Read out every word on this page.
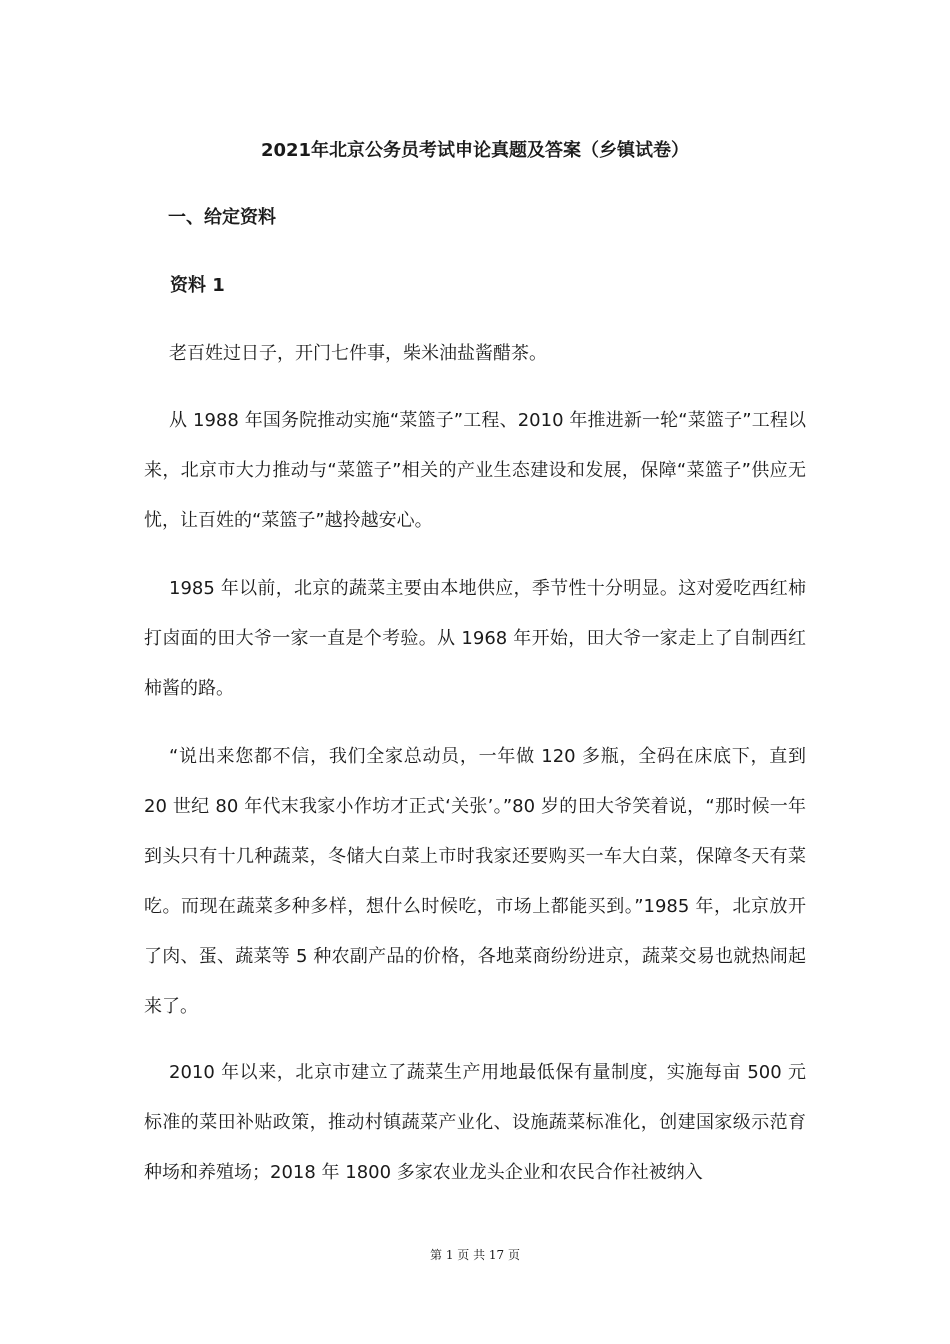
2021年北京公务员考试申论真题及答案（乡镇试卷）
一、给定资料
资料 1

老百姓过日子，开门七件事，柴米油盐酱醋茶。

从 1988 年国务院推动实施“菜篮子”工程、2010 年推进新一轮“菜篮子”工程以来，北京市大力推动与“菜篮子”相关的产业生态建设和发展，保障“菜篮子”供应无忧，让百姓的“菜篮子”越拎越安心。

1985 年以前，北京的蔬菜主要由本地供应，季节性十分明显。这对爱吃西红柿打卤面的田大爷一家一直是个考验。从 1968 年开始，田大爷一家走上了自制西红柿酱的路。

“说出来您都不信，我们全家总动员，一年做 120 多瓶，全码在床底下，直到 20 世纪 80 年代末我家小作坊才正式‘关张’。”80 岁的田大爷笑着说，“那时候一年到头只有十几种蔬菜，冬储大白菜上市时我家还要购买一车大白菜，保障冬天有菜吃。而现在蔬菜多种多样，想什么时候吃，市场上都能买到。”1985 年，北京放开了肉、蛋、蔬菜等 5 种农副产品的价格，各地菜商纷纷进京，蔬菜交易也就热闹起来了。

2010 年以来，北京市建立了蔬菜生产用地最低保有量制度，实施每亩 500 元标准的菜田补贴政策，推动村镇蔬菜产业化、设施蔬菜标准化，创建国家级示范育种场和养殖场；2018 年 1800 多家农业龙头企业和农民合作社被纳入

第 1 页 共 17 页
